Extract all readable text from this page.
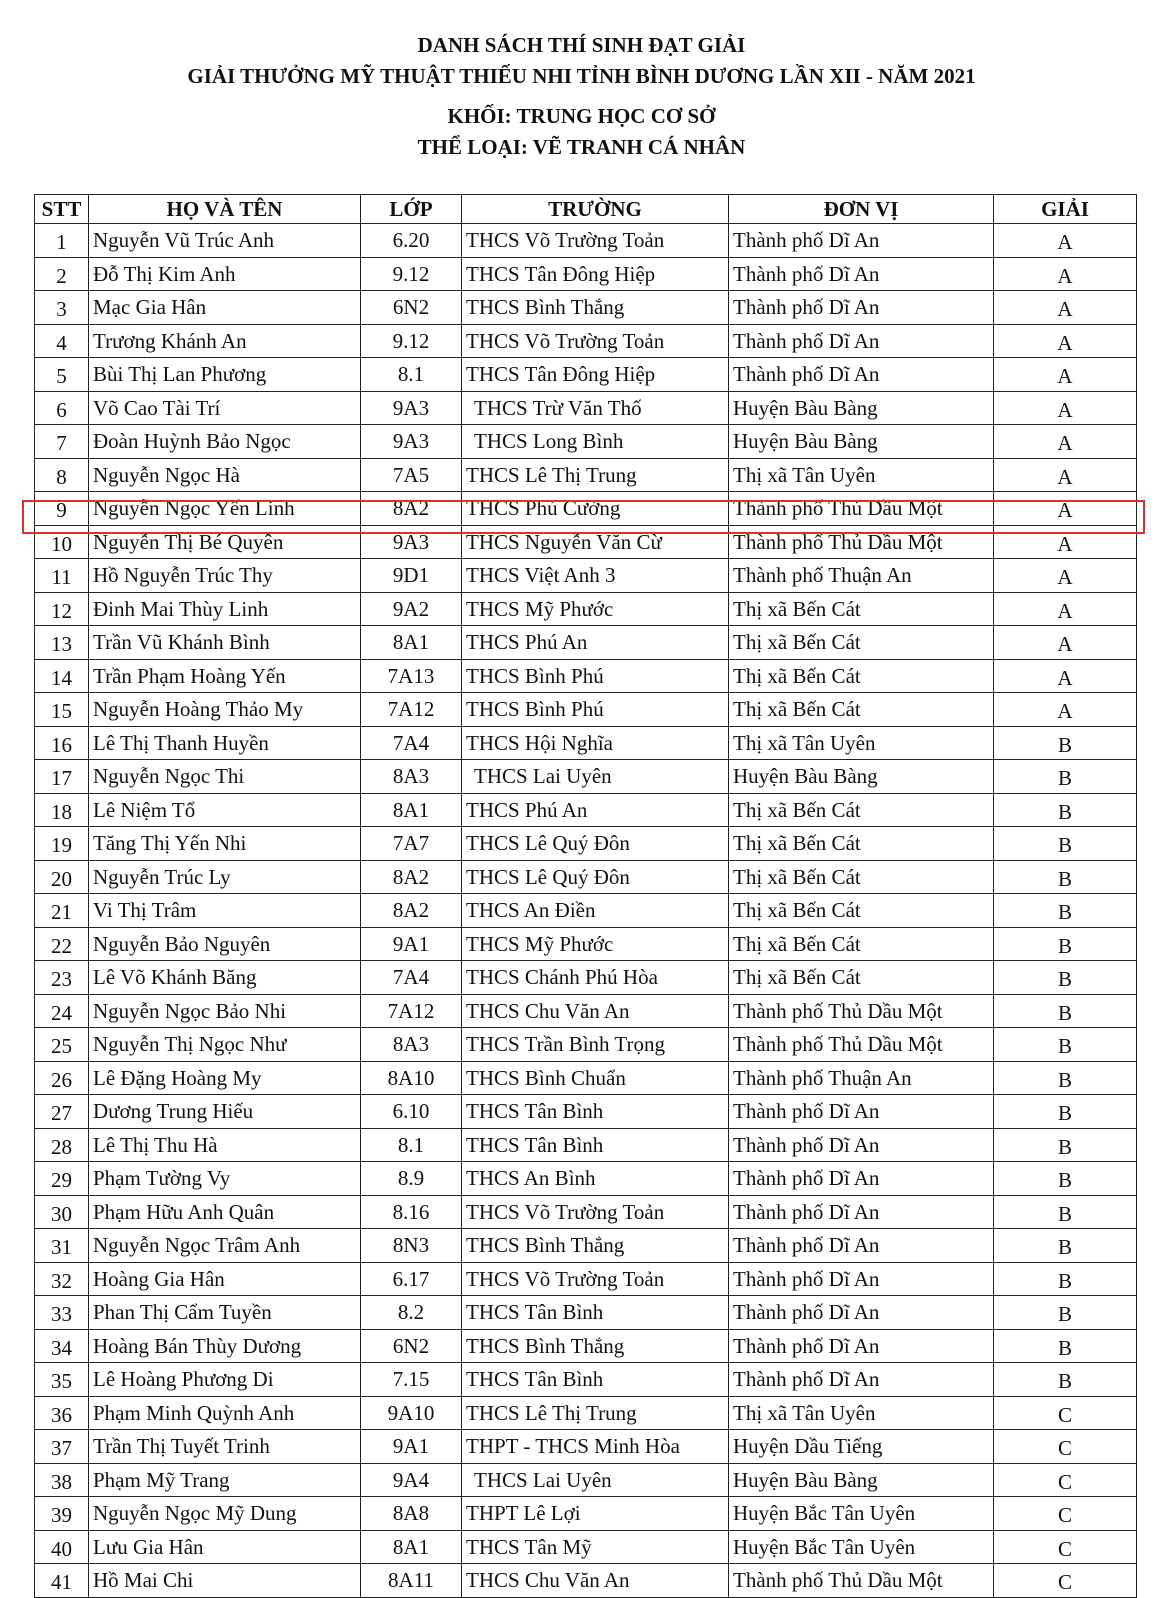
DANH SÁCH THÍ SINH ĐẠT GIẢI
GIẢI THƯỞNG MỸ THUẬT THIẾU NHI TỈNH BÌNH DƯƠNG LẦN XII - NĂM 2021
KHỐI: TRUNG HỌC CƠ SỞ
THỂ LOẠI: VẼ TRANH CÁ NHÂN
STT	HỌ VÀ TÊN	LỚP	TRƯỜNG	ĐƠN VỊ	GIẢI
1	Nguyễn Vũ Trúc Anh	6.20	THCS Võ Trường Toản	Thành phố Dĩ An	A
2	Đỗ Thị Kim Anh	9.12	THCS Tân Đông Hiệp	Thành phố Dĩ An	A
3	Mạc Gia Hân	6N2	THCS Bình Thắng	Thành phố Dĩ An	A
4	Trương Khánh An	9.12	THCS Võ Trường Toản	Thành phố Dĩ An	A
5	Bùi Thị Lan Phương	8.1	THCS Tân Đông Hiệp	Thành phố Dĩ An	A
6	Võ Cao Tài Trí	9A3	THCS Trừ Văn Thố	Huyện Bàu Bàng	A
7	Đoàn Huỳnh Bảo Ngọc	9A3	THCS Long Bình	Huyện Bàu Bàng	A
8	Nguyễn Ngọc Hà	7A5	THCS Lê Thị Trung	Thị xã Tân Uyên	A
9	Nguyễn Ngọc Yến Linh	8A2	THCS Phú Cường	Thành phố Thủ Dầu Một	A
10	Nguyễn Thị Bé Quyên	9A3	THCS Nguyễn Văn Cừ	Thành phố Thủ Dầu Một	A
11	Hồ Nguyễn Trúc Thy	9D1	THCS Việt Anh 3	Thành phố Thuận An	A
12	Đinh Mai Thùy Linh	9A2	THCS Mỹ Phước	Thị xã Bến Cát	A
13	Trần Vũ Khánh Bình	8A1	THCS Phú An	Thị xã Bến Cát	A
14	Trần Phạm Hoàng Yến	7A13	THCS Bình Phú	Thị xã Bến Cát	A
15	Nguyễn Hoàng Thảo My	7A12	THCS Bình Phú	Thị xã Bến Cát	A
16	Lê Thị Thanh Huyền	7A4	THCS Hội Nghĩa	Thị xã Tân Uyên	B
17	Nguyễn Ngọc Thi	8A3	THCS Lai Uyên	Huyện Bàu Bàng	B
18	Lê Niệm Tổ	8A1	THCS Phú An	Thị xã Bến Cát	B
19	Tăng Thị Yến Nhi	7A7	THCS Lê Quý Đôn	Thị xã Bến Cát	B
20	Nguyễn Trúc Ly	8A2	THCS Lê Quý Đôn	Thị xã Bến Cát	B
21	Vi Thị Trâm	8A2	THCS An Điền	Thị xã Bến Cát	B
22	Nguyễn Bảo Nguyên	9A1	THCS Mỹ Phước	Thị xã Bến Cát	B
23	Lê Võ Khánh Băng	7A4	THCS Chánh Phú Hòa	Thị xã Bến Cát	B
24	Nguyễn Ngọc Bảo Nhi	7A12	THCS Chu Văn An	Thành phố Thủ Dầu Một	B
25	Nguyễn Thị Ngọc Như	8A3	THCS Trần Bình Trọng	Thành phố Thủ Dầu Một	B
26	Lê Đặng Hoàng My	8A10	THCS Bình Chuẩn	Thành phố Thuận An	B
27	Dương Trung Hiếu	6.10	THCS Tân Bình	Thành phố Dĩ An	B
28	Lê Thị Thu Hà	8.1	THCS Tân Bình	Thành phố Dĩ An	B
29	Phạm Tường Vy	8.9	THCS An Bình	Thành phố Dĩ An	B
30	Phạm Hữu Anh Quân	8.16	THCS Võ Trường Toản	Thành phố Dĩ An	B
31	Nguyễn Ngọc Trâm Anh	8N3	THCS Bình Thắng	Thành phố Dĩ An	B
32	Hoàng Gia Hân	6.17	THCS Võ Trường Toản	Thành phố Dĩ An	B
33	Phan Thị Cẩm Tuyền	8.2	THCS Tân Bình	Thành phố Dĩ An	B
34	Hoàng Bán Thùy Dương	6N2	THCS Bình Thắng	Thành phố Dĩ An	B
35	Lê Hoàng Phương Di	7.15	THCS Tân Bình	Thành phố Dĩ An	B
36	Phạm Minh Quỳnh Anh	9A10	THCS Lê Thị Trung	Thị xã Tân Uyên	C
37	Trần Thị Tuyết Trinh	9A1	THPT - THCS Minh Hòa	Huyện Dầu Tiếng	C
38	Phạm Mỹ Trang	9A4	THCS Lai Uyên	Huyện Bàu Bàng	C
39	Nguyễn Ngọc Mỹ Dung	8A8	THPT Lê Lợi	Huyện Bắc Tân Uyên	C
40	Lưu Gia Hân	8A1	THCS Tân Mỹ	Huyện Bắc Tân Uyên	C
41	Hồ Mai Chi	8A11	THCS Chu Văn An	Thành phố Thủ Dầu Một	C
